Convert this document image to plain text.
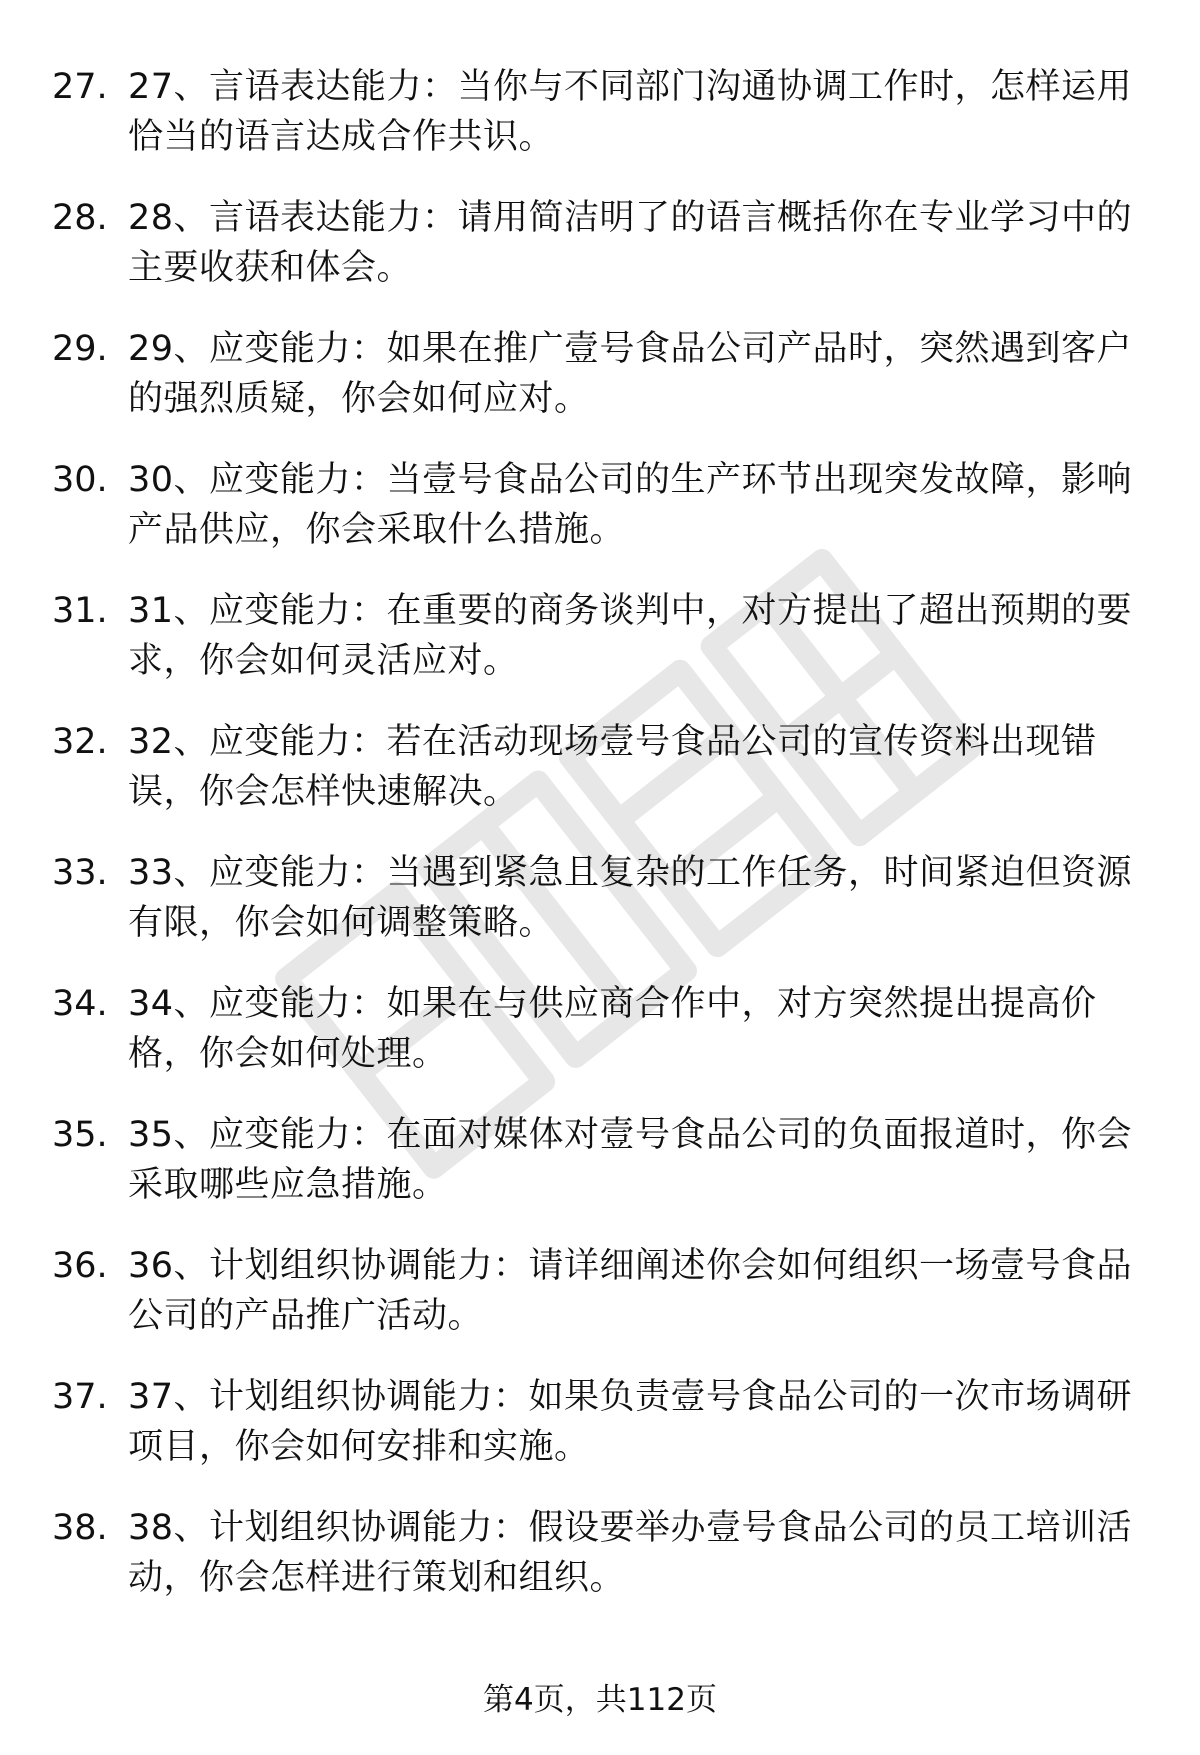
27. 27、言语表达能力：当你与不同部门沟通协调工作时，怎样运用恰当的语言达成合作共识。
28. 28、言语表达能力：请用简洁明了的语言概括你在专业学习中的主要收获和体会。
29. 29、应变能力：如果在推广壹号食品公司产品时，突然遇到客户的强烈质疑，你会如何应对。
30. 30、应变能力：当壹号食品公司的生产环节出现突发故障，影响产品供应，你会采取什么措施。
31. 31、应变能力：在重要的商务谈判中，对方提出了超出预期的要求，你会如何灵活应对。
32. 32、应变能力：若在活动现场壹号食品公司的宣传资料出现错误，你会怎样快速解决。
33. 33、应变能力：当遇到紧急且复杂的工作任务，时间紧迫但资源有限，你会如何调整策略。
34. 34、应变能力：如果在与供应商合作中，对方突然提出提高价格，你会如何处理。
35. 35、应变能力：在面对媒体对壹号食品公司的负面报道时，你会采取哪些应急措施。
36. 36、计划组织协调能力：请详细阐述你会如何组织一场壹号食品公司的产品推广活动。
37. 37、计划组织协调能力：如果负责壹号食品公司的一次市场调研项目，你会如何安排和实施。
38. 38、计划组织协调能力：假设要举办壹号食品公司的员工培训活动，你会怎样进行策划和组织。
第4页，共112页
